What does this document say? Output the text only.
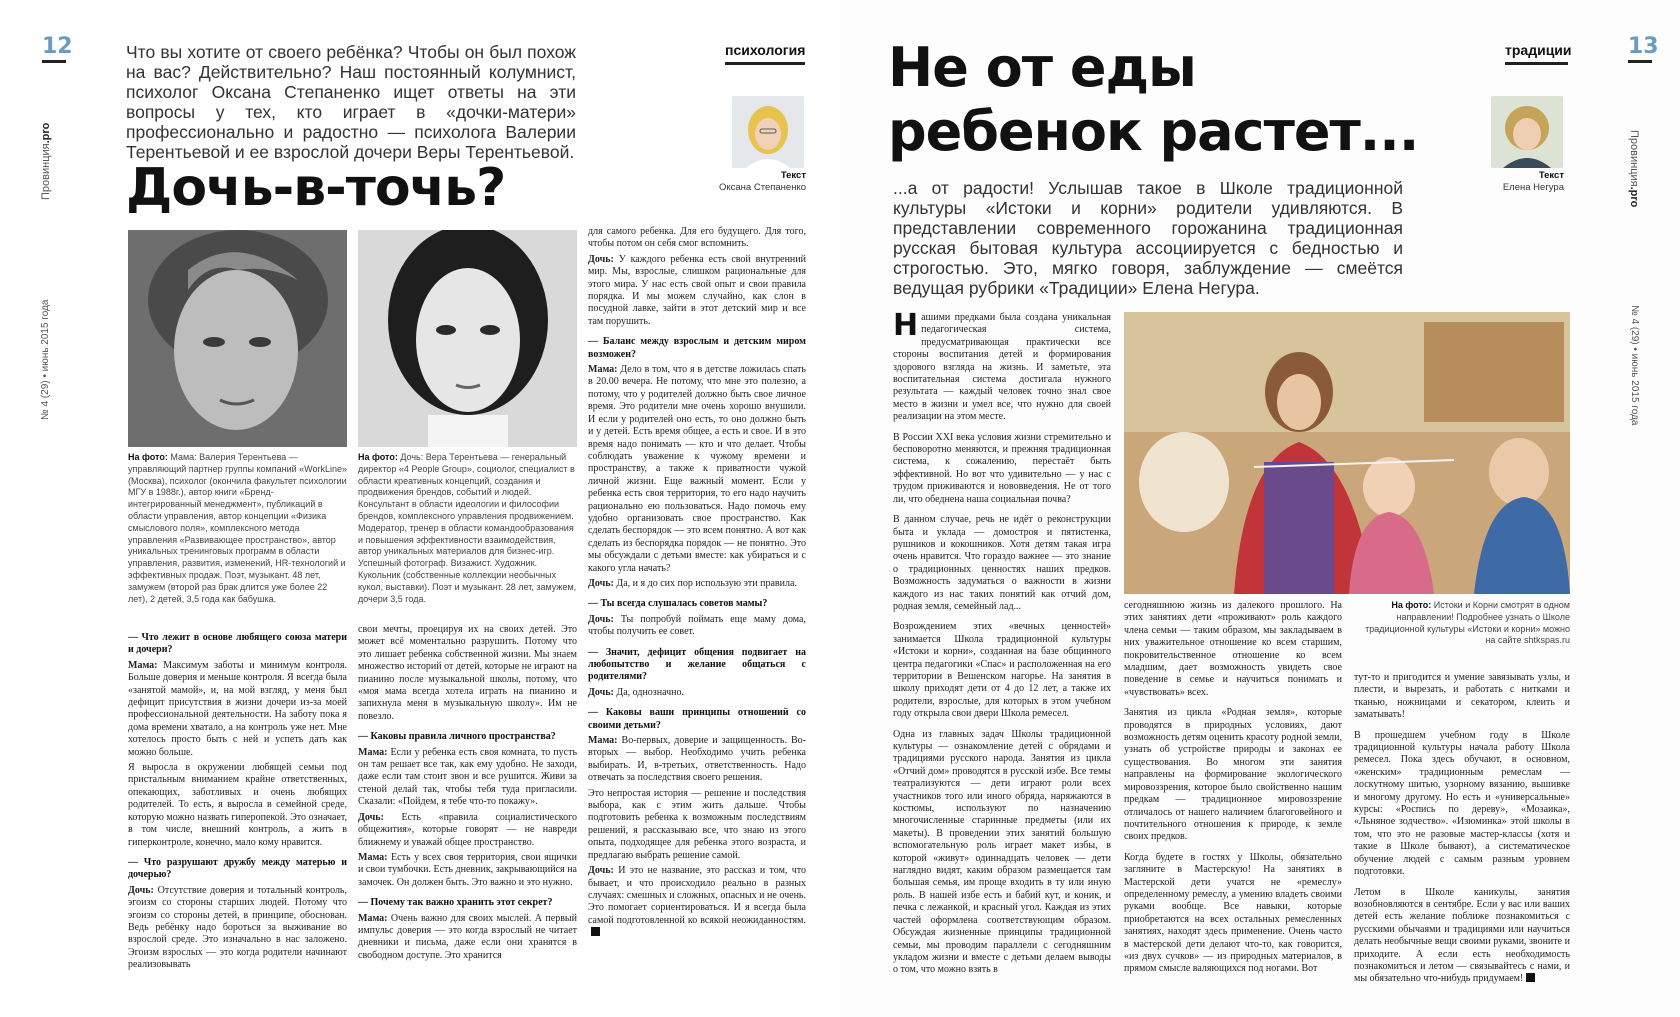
12
Провинция.pro
№ 4 (29) • июнь 2015 года
психология
Что вы хотите от своего ребёнка? Чтобы он был похож на вас? Действительно? Наш постоянный колумнист, психолог Оксана Степаненко ищет ответы на эти вопросы у тех, кто играет в «дочки-матери» профессионально и радостно — психолога Валерии Терентьевой и ее взрослой дочери Веры Терентьевой.
Дочь-в-точь?	Текст
Оксана Степаненко
На фото: Мама: Валерия Терентьева — управляющий партнер группы компаний «WorkLine» (Москва), психолог (окончила факультет психологии МГУ в 1988г.), автор книги «Бренд-интегрированный менеджмент», публикаций в области управления, автор концепции «Физика смыслового поля», комплексного метода управления «Развивающее пространство», автор уникальных тренинговых программ в области управления, развития, изменений, HR-технологий и эффективных продаж. Поэт, музыкант. 48 лет, замужем (второй раз брак длится уже более 22 лет), 2 детей, 3,5 года как бабушка.
На фото: Дочь: Вера Терентьева — генеральный директор «4 People Group», социолог, специалист в области креативных концепций, создания и продвижения брендов, событий и людей. Консультант в области идеологии и философии брендов, комплексного управления продвижением. Модератор, тренер в области командообразования и повышения эффективности взаимодействия, автор уникальных материалов для бизнес-игр. Успешный фотограф. Визажист. Художник. Кукольник (собственные коллекции необычных кукол, выставки). Поэт и музыкант. 28 лет, замужем, дочери 3,5 года.

— Что лежит в основе любящего союза матери и дочери?

Мама: Максимум заботы и минимум контроля. Больше доверия и меньше контроля. Я всегда была «занятой мамой», и, на мой взгляд, у меня был дефицит присутствия в жизни дочери из-за моей профессиональной деятельности. На заботу пока я дома времени хватало, а на контроль уже нет. Мне хотелось просто быть с ней и успеть дать как можно больше.

Я выросла в окружении любящей семьи под пристальным вниманием крайне ответственных, опекающих, заботливых и очень любящих родителей. То есть, я выросла в семейной среде, которую можно назвать гиперопекой. Это означает, в том числе, внешний контроль, а жить в гиперконтроле, конечно, мало кому нравится.

— Что разрушают дружбу между матерью и дочерью?

Дочь: Отсутствие доверия и тотальный контроль, эгоизм со стороны старших людей. Потому что эгоизм со стороны детей, в принципе, обоснован. Ведь ребёнку надо бороться за выживание во взрослой среде. Это изначально в нас заложено. Эгоизм взрослых — это когда родители начинают реализовывать

свои мечты, проецируя их на своих детей. Это может всё моментально разрушить. Потому что это лишает ребенка собственной жизни. Мы знаем множество историй от детей, которые не играют на пианино после музыкальной школы, потому, что «моя мама всегда хотела играть на пианино и запихнула меня в музыкальную школу». Им не повезло.

— Каковы правила личного пространства?

Мама: Если у ребенка есть своя комната, то пусть он там решает все так, как ему удобно. Не заходи, даже если там стоит звон и все рушится. Живи за стеной делай так, чтобы тебя туда пригласили. Сказали: «Пойдем, я тебе что-то покажу».

Дочь: Есть «правила социалистического общежития», которые говорят — не навреди ближнему и уважай общее пространство.

Мама: Есть у всех своя территория, свои ящички и свои тумбочки. Есть дневник, закрывающийся на замочек. Он должен быть. Это важно и это нужно.

— Почему так важно хранить этот секрет?

Мама: Очень важно для своих мыслей. А первый импульс доверия — это когда взрослый не читает дневники и письма, даже если они хранятся в свободном доступе. Это хранится

для самого ребенка. Для его будущего. Для того, чтобы потом он себя смог вспомнить.

Дочь: У каждого ребенка есть свой внутренний мир. Мы, взрослые, слишком рациональные для этого мира. У нас есть свой опыт и свои правила порядка. И мы можем случайно, как слон в посудной лавке, зайти в этот детский мир и все там порушить.

— Баланс между взрослым и детским миром возможен?

Мама: Дело в том, что я в детстве ложилась спать в 20.00 вечера. Не потому, что мне это полезно, а потому, что у родителей должно быть свое личное время. Это родители мне очень хорошо внушили. И если у родителей оно есть, то оно должно быть и у детей. Есть время общее, а есть и свое. И в это время надо понимать — кто и что делает. Чтобы соблюдать уважение к чужому времени и пространству, а также к приватности чужой личной жизни. Еще важный момент. Если у ребенка есть своя территория, то его надо научить рационально ею пользоваться. Надо помочь ему удобно организовать свое пространство. Как сделать беспорядок — это всем понятно. А вот как сделать из беспорядка порядок — не понятно. Это мы обсуждали с детьми вместе: как убираться и с какого угла начать?

Дочь: Да, и я до сих пор использую эти правила.

— Ты всегда слушалась советов мамы?

Дочь: Ты попробуй поймать еще маму дома, чтобы получить ее совет.

— Значит, дефицит общения подвигает на любопытство и желание общаться с родителями?

Дочь: Да, однозначно.

— Каковы ваши принципы отношений со своими детьми?

Мама: Во-первых, доверие и защищенность. Во-вторых — выбор. Необходимо учить ребенка выбирать. И, в-третьих, ответственность. Надо отвечать за последствия своего решения.

Это непростая история — решение и последствия выбора, как с этим жить дальше. Чтобы подготовить ребенка к возможным последствиям решений, я рассказываю все, что знаю из этого опыта, подходящее для ребенка этого возраста, и предлагаю выбрать решение самой.

Дочь: И это не название, это рассказ и том, что бывает, и что происходило реально в разных случаях: смешных и сложных, опасных и не очень. Это помогает сориентироваться. И я всегда была самой подготовленной ко всякой неожиданностям.

традиции	13
Провинция.pro
№ 4 (29) • июнь 2015 года
Текст
Елена Негура
Не от еды
ребенок растет...
...а от радости! Услышав такое в Школе традиционной культуры «Истоки и корни» родители удивляются. В представлении современного горожанина традиционная русская бытовая культура ассоциируется с бедностью и строгостью. Это, мягко говоря, заблуждение — смеётся ведущая рубрики «Традиции» Елена Негура.
На фото: Истоки и Корни смотрят в одном направлении! Подробнее узнать о Школе традиционной культуры «Истоки и корни» можно на сайте shtkspas.ru

Нашими предками была создана уникальная педагогическая система, предусматривающая практически все стороны воспитания детей и формирования здорового взгляда на жизнь. И заметьте, эта воспитательная система достигала нужного результата — каждый человек точно знал свое место в жизни и умел все, что нужно для своей реализации на этом месте.

В России XXI века условия жизни стремительно и бесповоротно меняются, и прежняя традиционная система, к сожалению, перестаёт быть эффективной. Но вот что удивительно — у нас с трудом приживаются и нововведения. Не от того ли, что обеднена наша социальная почва?

В данном случае, речь не идёт о реконструкции быта и уклада — домостроя и пятистенка, рушников и кокошников. Хотя детям такая игра очень нравится. Что гораздо важнее — это знание о традиционных ценностях наших предков. Возможность задуматься о важности в жизни каждого из нас таких понятий как отчий дом, родная земля, семейный лад...

Возрождением этих «вечных ценностей» занимается Школа традиционной культуры «Истоки и корни», созданная на базе общинного центра педагогики «Спас» и расположенная на его территории в Вешенском нагорье. На занятия в школу приходят дети от 4 до 12 лет, а также их родители, взрослые, для которых в этом учебном году открыла свои двери Школа ремесел.

Одна из главных задач Школы традиционной культуры — ознакомление детей с обрядами и традициями русского народа. Занятия из цикла «Отчий дом» проводятся в русской избе. Все темы театрализуются — дети играют роли всех участников того или иного обряда, наряжаются в костюмы, используют по назначению многочисленные старинные предметы (или их макеты). В проведении этих занятий большую вспомогательную роль играет макет избы, в которой «живут» одиннадцать человек — дети наглядно видят, каким образом размещается там большая семья, им проще входить в ту или иную роль. В нашей избе есть и бабий кут, и коник, и печка с лежанкой, и красный угол. Каждая из этих частей оформлена соответствующим образом. Обсуждая жизненные принципы традиционной семьи, мы проводим параллели с сегодняшним укладом жизни и вместе с детьми делаем выводы о том, что можно взять в

сегодняшнюю жизнь из далекого прошлого. На этих занятиях дети «проживают» роль каждого члена семьи — таким образом, мы закладываем в них уважительное отношение ко всем старшим, покровительственное отношение ко всем младшим, дает возможность увидеть свое поведение в семье и научиться понимать и «чувствовать» всех.

Занятия из цикла «Родная земля», которые проводятся в природных условиях, дают возможность детям оценить красоту родной земли, узнать об устройстве природы и законах ее существования. Во многом эти занятия направлены на формирование экологического мировоззрения, которое было свойственно нашим предкам — традиционное мировоззрение отличалось от нашего наличием благоговейного и почтительного отношения к природе, к земле своих предков.

Когда будете в гостях у Школы, обязательно загляните в Мастерскую! На занятиях в Мастерской дети учатся не «ремеслу» определенному ремеслу, а умению владеть своими руками вообще. Все навыки, которые приобретаются на всех остальных ремесленных занятиях, находят здесь применение. Очень часто в мастерской дети делают что-то, как говорится, «из двух сучков» — из природных материалов, в прямом смысле валяющихся под ногами. Вот

тут-то и пригодится и умение завязывать узлы, и плести, и вырезать, и работать с нитками и тканью, ножницами и секатором, клеить и заматывать!

В прошедшем учебном году в Школе традиционной культуры начала работу Школа ремесел. Пока здесь обучают, в основном, «женским» традиционным ремеслам — лоскутному шитью, узорному вязанию, вышивке и многому другому. Но есть и «универсальные» курсы: «Роспись по дереву», «Мозаика», «Льняное зодчество». «Изюминка» этой школы в том, что это не разовые мастер-классы (хотя и такие в Школе бывают), а систематическое обучение людей с самым разным уровнем подготовки.

Летом в Школе каникулы, занятия возобновляются в сентябре. Если у вас или ваших детей есть желание поближе познакомиться с русскими обычаями и традициями или научиться делать необычные вещи своими руками, звоните и приходите. А если есть необходимость познакомиться и летом — связывайтесь с нами, и мы обязательно что-нибудь придумаем!
